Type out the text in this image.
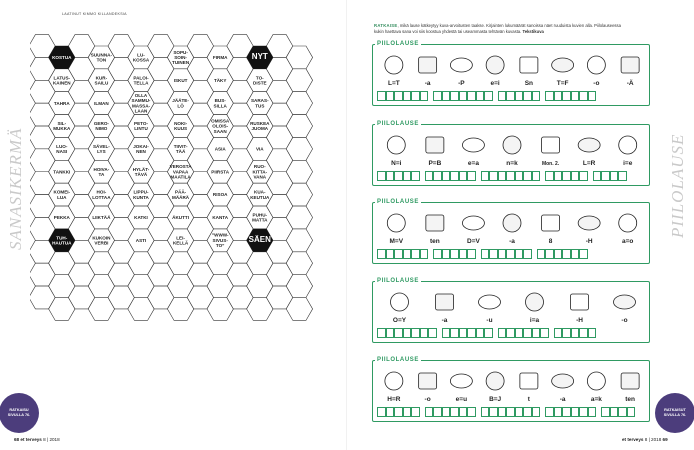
LAATINUT KIMMO KILLANDEKSIA
SANASIKERMÄ
KOSTUA
SUUNNA-TON
LU-KOSSA
SOPU-SOIN-TUINEN
FIRMA	NYT
LATUS-KAINEN
KUR-SAILU
PALOI-TELLA
ISKUT	TÄKY
TO-DISTE
TAHRA	ILMAN
OLLA SAMMU-MASSA-LAAN
JÄÄTE-LÖ
BUS-SILLA
SARAS-TUS
SIL-MUKKA
GERO-NIMO
PETO-LINTU
NOKI-KUUS
OMISSA OLOIS-SAAN
RUSKEA JUOMA
LUO-NASI
SÄVEL-LYS
JOKAI-NEN
TIIVIT-TÄÄ
ASIA	VIA
TANKKI
HOIVA-TA
HYLÄT-TÄVÄ
VEROSTA VAPAA MAATILA
PIIRSTA
RUO-KITTA-VANA
KOMEI-LUA
HOI-LOTTAA
LIPPU-KUNTA
PÄÄ-MÄÄRÄ
RISOA
KUA-KEUTUA
PEKKA	LIIKTÄÄ	KATKI	ÄKUTTI	KANTA
PUHU-MATTA
TUH-HAUTUA
KUKOIN VERBI
ASTI
LEI-KELLÄ
”WWW-SIVUS-TO”
SÄEN
RATKAISU SIVULLA 76.
68 et terveys 8 | 2018
RATKAISE, mikä lause kätkeytyy kuva-arvoitusten taakse. Kirjainten lukumäärät sanoissa näet ruuduista kuvien alla. Piilolauseessa kukin haettava sana voi siis koostua yhdestä tai useammasta tehtävän kuvasta. Tekstikuva
PIILOLAUSE
L=T	-a	-P	e=i	Sn	T=F	-o	-Ä
PIILOLAUSE
N=i	P=B	e=a	n=k	Mon. 2.	L=R	i=e
PIILOLAUSE
M=V	ten	D=V	-a	8	-H	a=o
PIILOLAUSE
O=Y	-a	-u	i=a	-H	-o
PIILOLAUSE
H=R	-o	e=u	B=J	t	-a	a=k	ten
PIILOLAUSE
RATKAISUT SIVULLA 76.
et terveys 8 | 2018 69
